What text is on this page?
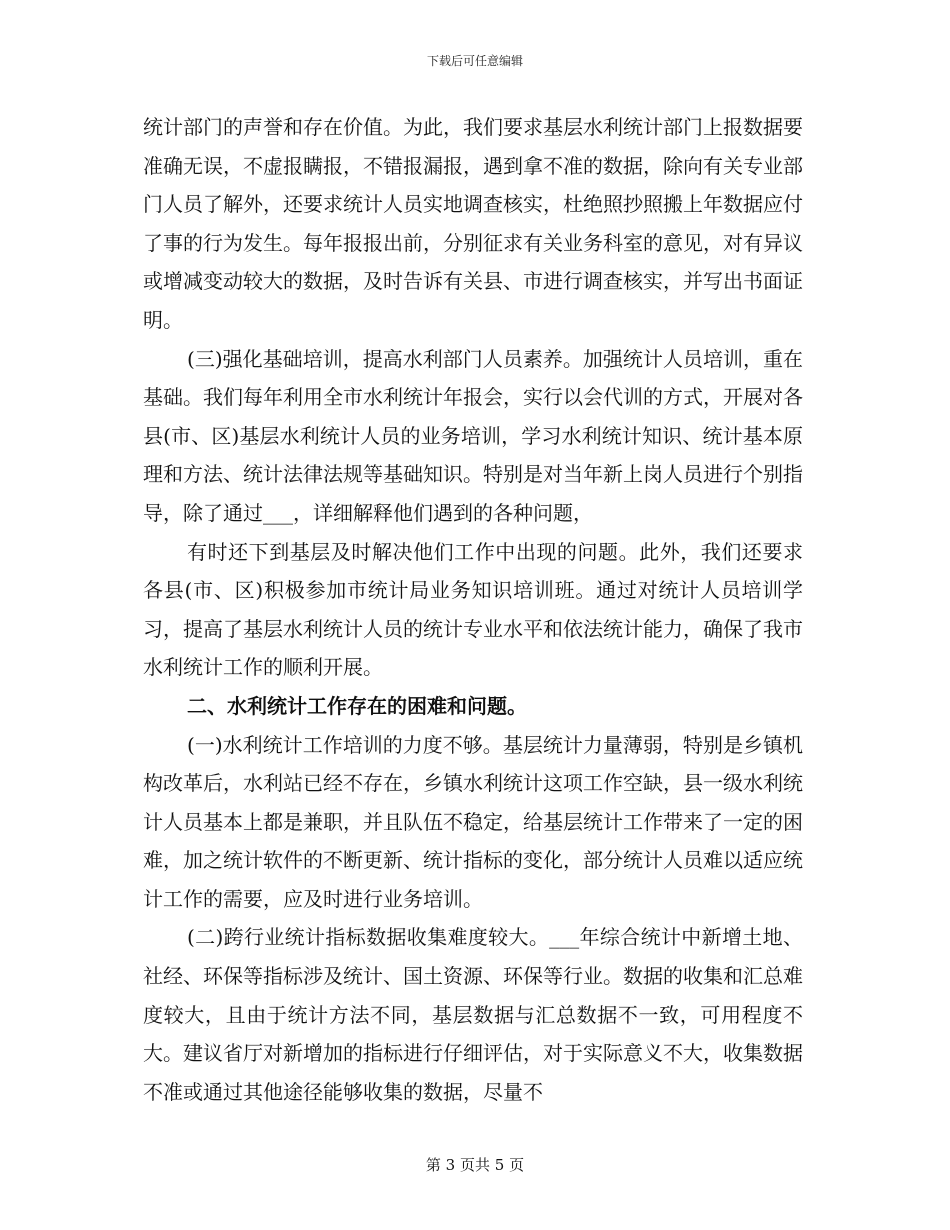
下载后可任意编辑

统计部门的声誉和存在价值。为此，我们要求基层水利统计部门上报数据要准确无误，不虚报瞒报，不错报漏报，遇到拿不准的数据，除向有关专业部门人员了解外，还要求统计人员实地调查核实，杜绝照抄照搬上年数据应付了事的行为发生。每年报报出前，分别征求有关业务科室的意见，对有异议或增减变动较大的数据，及时告诉有关县、市进行调查核实，并写出书面证明。

(三)强化基础培训，提高水利部门人员素养。加强统计人员培训，重在基础。我们每年利用全市水利统计年报会，实行以会代训的方式，开展对各县(市、区)基层水利统计人员的业务培训，学习水利统计知识、统计基本原理和方法、统计法律法规等基础知识。特别是对当年新上岗人员进行个别指导，除了通过___，详细解释他们遇到的各种问题，

有时还下到基层及时解决他们工作中出现的问题。此外，我们还要求各县(市、区)积极参加市统计局业务知识培训班。通过对统计人员培训学习，提高了基层水利统计人员的统计专业水平和依法统计能力，确保了我市水利统计工作的顺利开展。

二、水利统计工作存在的困难和问题。

(一)水利统计工作培训的力度不够。基层统计力量薄弱，特别是乡镇机构改革后，水利站已经不存在，乡镇水利统计这项工作空缺，县一级水利统计人员基本上都是兼职，并且队伍不稳定，给基层统计工作带来了一定的困难，加之统计软件的不断更新、统计指标的变化，部分统计人员难以适应统计工作的需要，应及时进行业务培训。

(二)跨行业统计指标数据收集难度较大。___年综合统计中新增土地、社经、环保等指标涉及统计、国土资源、环保等行业。数据的收集和汇总难度较大，且由于统计方法不同，基层数据与汇总数据不一致，可用程度不大。建议省厅对新增加的指标进行仔细评估，对于实际意义不大，收集数据不准或通过其他途径能够收集的数据，尽量不

第 3 页共 5 页
